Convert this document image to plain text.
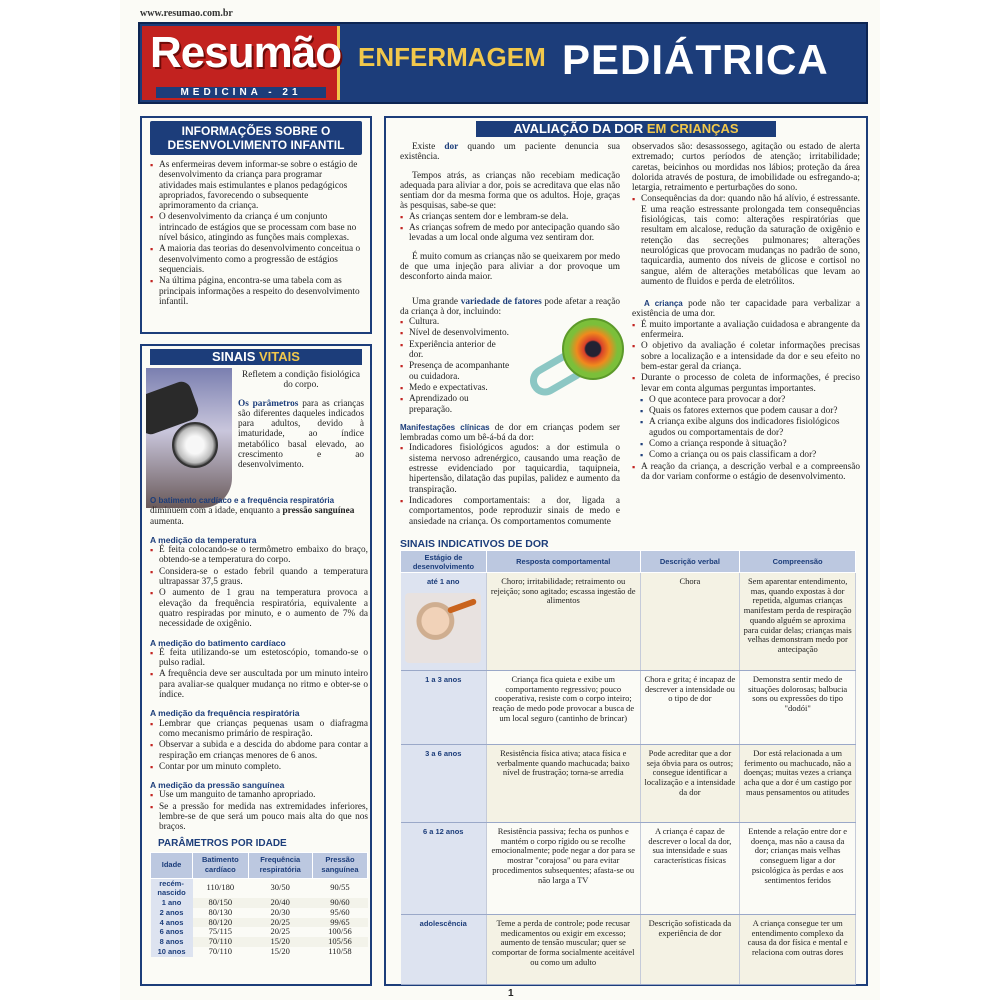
www.resumao.com.br
Resumão
MEDICINA - 21
ENFERMAGEM PEDIÁTRICA
INFORMAÇÕES SOBRE O DESENVOLVIMENTO INFANTIL
▪ As enfermeiras devem informar-se sobre o estágio de desenvolvimento da criança para programar atividades mais estimulantes e planos pedagógicos apropriados, favorecendo o subsequente aprimoramento da criança.
▪ O desenvolvimento da criança é um conjunto intrincado de estágios que se processam com base no nível básico, atingindo as funções mais complexas.
▪ A maioria das teorias do desenvolvimento conceitua o desenvolvimento como a progressão de estágios sequenciais.
▪ Na última página, encontra-se uma tabela com as principais informações a respeito do desenvolvimento infantil.
SINAIS VITAIS
Refletem a condição fisiológica do corpo.
Os parâmetros para as crianças são diferentes daqueles indicados para adultos, devido à imaturidade, ao índice metabólico basal elevado, ao crescimento e ao desenvolvimento.
O batimento cardíaco e a frequência respiratória diminuem com a idade, enquanto a pressão sanguínea aumenta.
A medição da temperatura
▪ É feita colocando-se o termômetro embaixo do braço, obtendo-se a temperatura do corpo.
▪ Considera-se o estado febril quando a temperatura ultrapassar 37,5 graus.
▪ O aumento de 1 grau na temperatura provoca a elevação da frequência respiratória, equivalente a quatro respiradas por minuto, e o aumento de 7% da necessidade de oxigênio.
A medição do batimento cardíaco
▪ É feita utilizando-se um estetoscópio, tomando-se o pulso radial.
▪ A frequência deve ser auscultada por um minuto inteiro para avaliar-se qualquer mudança no ritmo e obter-se o índice.
A medição da frequência respiratória
▪ Lembrar que crianças pequenas usam o diafragma como mecanismo primário de respiração.
▪ Observar a subida e a descida do abdome para contar a respiração em crianças menores de 6 anos.
▪ Contar por um minuto completo.
A medição da pressão sanguínea
▪ Use um manguito de tamanho apropriado.
▪ Se a pressão for medida nas extremidades inferiores, lembre-se de que será um pouco mais alta do que nos braços.
PARÂMETROS POR IDADE
Idade	Batimento cardíaco	Frequência respiratória	Pressão sanguínea
recém-nascido	110/180	30/50	90/55
1 ano	80/150	20/40	90/60
2 anos	80/130	20/30	95/60
4 anos	80/120	20/25	99/65
6 anos	75/115	20/25	100/56
8 anos	70/110	15/20	105/56
10 anos	70/110	15/20	110/58
AVALIAÇÃO DA DOR EM CRIANÇAS
Existe dor quando um paciente denuncia sua existência.
Tempos atrás, as crianças não recebiam medicação adequada para aliviar a dor, pois se acreditava que elas não sentiam dor da mesma forma que os adultos. Hoje, graças às pesquisas, sabe-se que:
▪ As crianças sentem dor e lembram-se dela.
▪ As crianças sofrem de medo por antecipação quando são levadas a um local onde alguma vez sentiram dor.
É muito comum as crianças não se queixarem por medo de que uma injeção para aliviar a dor provoque um desconforto ainda maior.
Uma grande variedade de fatores pode afetar a reação da criança à dor, incluindo:
▪ Cultura.
▪ Nível de desenvolvimento.
▪ Experiência anterior de dor.
▪ Presença de acompanhante ou cuidadora.
▪ Medo e expectativas.
▪ Aprendizado ou preparação.
Manifestações clínicas de dor em crianças podem ser lembradas como um bê-á-bá da dor:
▪ Indicadores fisiológicos agudos: a dor estimula o sistema nervoso adrenérgico, causando uma reação de estresse evidenciado por taquicardia, taquipneia, hipertensão, dilatação das pupilas, palidez e aumento da transpiração.
▪ Indicadores comportamentais: a dor, ligada a comportamentos, pode reproduzir sinais de medo e ansiedade na criança. Os comportamentos comumente
observados são: desassossego, agitação ou estado de alerta extremado; curtos períodos de atenção; irritabilidade; caretas, beicinhos ou mordidas nos lábios; proteção da área dolorida através de postura, de imobilidade ou esfregando-a; letargia, retraimento e perturbações do sono.
▪ Consequências da dor: quando não há alívio, é estressante. E uma reação estressante prolongada tem consequências fisiológicas, tais como: alterações respiratórias que resultam em alcalose, redução da saturação de oxigênio e retenção das secreções pulmonares; alterações neurológicas que provocam mudanças no padrão de sono, taquicardia, aumento dos níveis de glicose e cortisol no sangue, além de alterações metabólicas que levam ao aumento de fluidos e perda de eletrólitos.
A criança pode não ter capacidade para verbalizar a existência de uma dor.
▪ É muito importante a avaliação cuidadosa e abrangente da enfermeira.
▪ O objetivo da avaliação é coletar informações precisas sobre a localização e a intensidade da dor e seu efeito no bem-estar geral da criança.
▪ Durante o processo de coleta de informações, é preciso levar em conta algumas perguntas importantes.
▪ O que acontece para provocar a dor?
▪ Quais os fatores externos que podem causar a dor?
▪ A criança exibe alguns dos indicadores fisiológicos agudos ou comportamentais de dor?
▪ Como a criança responde à situação?
▪ Como a criança ou os pais classificam a dor?
▪ A reação da criança, a descrição verbal e a compreensão da dor variam conforme o estágio de desenvolvimento.
SINAIS INDICATIVOS DE DOR
Estágio de desenvolvimento	Resposta comportamental	Descrição verbal	Compreensão

até 1 ano	Choro; irritabilidade; retraimento ou rejeição; sono agitado; escassa ingestão de alimentos	Chora	Sem aparentar entendimento, mas, quando expostas à dor repetida, algumas crianças manifestam perda de respiração quando alguém se aproxima para cuidar delas; crianças mais velhas demonstram medo por antecipação

1 a 3 anos	Criança fica quieta e exibe um comportamento regressivo; pouco cooperativa, resiste com o corpo inteiro; reação de medo pode provocar a busca de um local seguro (cantinho de brincar)	Chora e grita; é incapaz de descrever a intensidade ou o tipo de dor	Demonstra sentir medo de situações dolorosas; balbucia sons ou expressões do tipo "dodói"

3 a 6 anos	Resistência física ativa; ataca física e verbalmente quando machucada; baixo nível de frustração; torna-se arredia	Pode acreditar que a dor seja óbvia para os outros; consegue identificar a localização e a intensidade da dor	Dor está relacionada a um ferimento ou machucado, não a doenças; muitas vezes a criança acha que a dor é um castigo por maus pensamentos ou atitudes

6 a 12 anos	Resistência passiva; fecha os punhos e mantém o corpo rígido ou se recolhe emocionalmente; pode negar a dor para se mostrar "corajosa" ou para evitar procedimentos subsequentes; afasta-se ou não larga a TV	A criança é capaz de descrever o local da dor, sua intensidade e suas características físicas	Entende a relação entre dor e doença, mas não a causa da dor; crianças mais velhas conseguem ligar a dor psicológica às perdas e aos sentimentos feridos

adolescência	Teme a perda de controle; pode recusar medicamentos ou exigir em excesso; aumento de tensão muscular; quer se comportar de forma socialmente aceitável ou como um adulto	Descrição sofisticada da experiência de dor	A criança consegue ter um entendimento complexo da causa da dor física e mental e relaciona com outras dores
1
